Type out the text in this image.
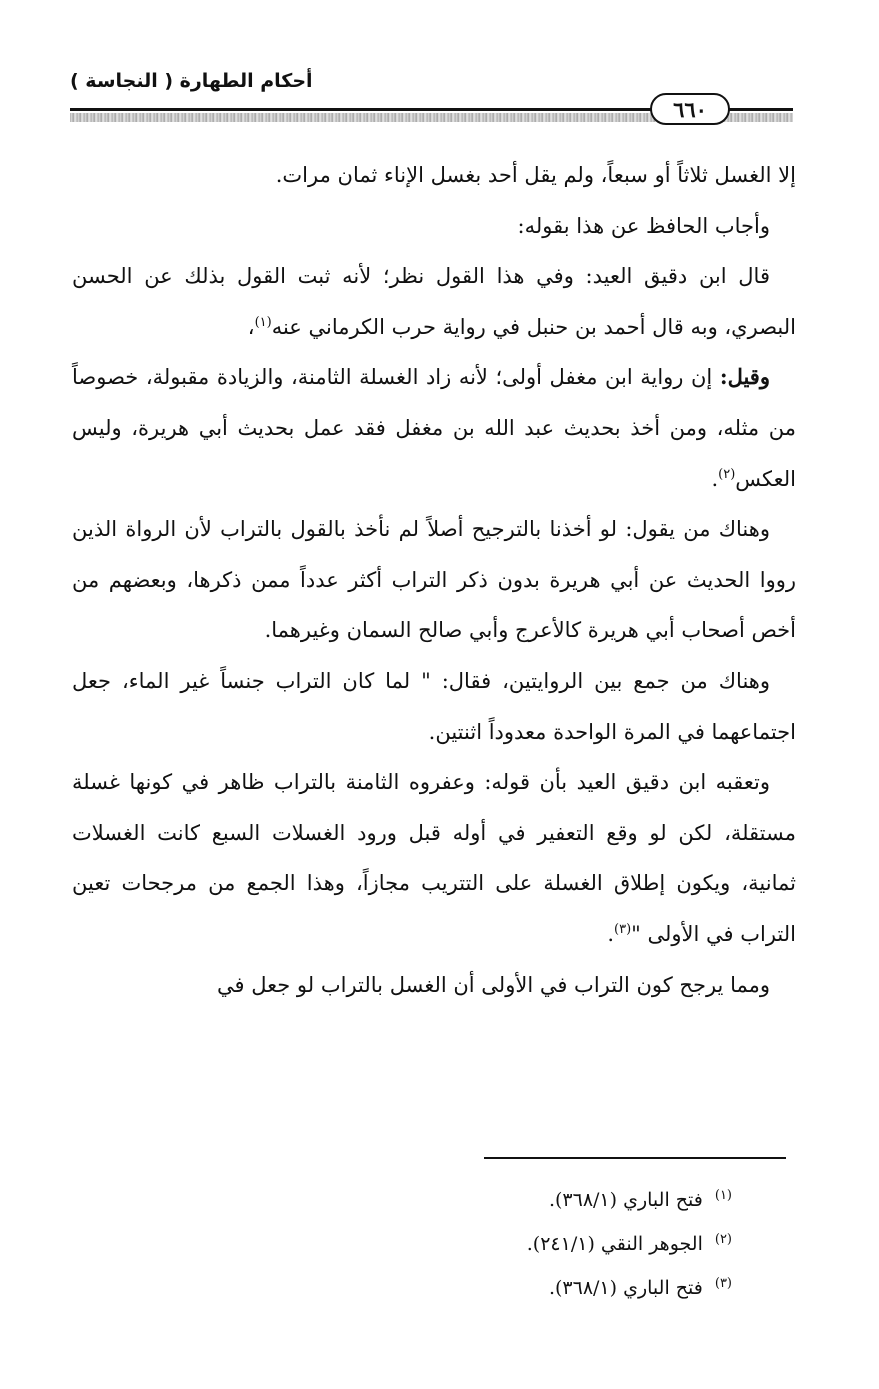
أحكام الطهارة ( النجاسة )
٦٦٠

إلا الغسل ثلاثاً أو سبعاً، ولم يقل أحد بغسل الإناء ثمان مرات.

وأجاب الحافظ عن هذا بقوله:

قال ابن دقيق العيد: وفي هذا القول نظر؛ لأنه ثبت القول بذلك عن الحسن البصري، وبه قال أحمد بن حنبل في رواية حرب الكرماني عنه$^{(١)}$،

وقيل: إن رواية ابن مغفل أولى؛ لأنه زاد الغسلة الثامنة، والزيادة مقبولة، خصوصاً من مثله، ومن أخذ بحديث عبد الله بن مغفل فقد عمل بحديث أبي هريرة، وليس العكس$^{(٢)}$.

وهناك من يقول: لو أخذنا بالترجيح أصلاً لم نأخذ بالقول بالتراب لأن الرواة الذين رووا الحديث عن أبي هريرة بدون ذكر التراب أكثر عدداً ممن ذكرها، وبعضهم من أخص أصحاب أبي هريرة كالأعرج وأبي صالح السمان وغيرهما.

وهناك من جمع بين الروايتين، فقال: " لما كان التراب جنساً غير الماء، جعل اجتماعهما في المرة الواحدة معدوداً اثنتين.

وتعقبه ابن دقيق العيد بأن قوله: وعفروه الثامنة بالتراب ظاهر في كونها غسلة مستقلة، لكن لو وقع التعفير في أوله قبل ورود الغسلات السبع كانت الغسلات ثمانية، ويكون إطلاق الغسلة على التتريب مجازاً، وهذا الجمع من مرجحات تعين التراب في الأولى "$^{(٣)}$.

ومما يرجح كون التراب في الأولى أن الغسل بالتراب لو جعل في

$^{(١)}$فتح الباري (٣٦٨/١).

$^{(٢)}$الجوهر النقي (٢٤١/١).

$^{(٣)}$فتح الباري (٣٦٨/١).
